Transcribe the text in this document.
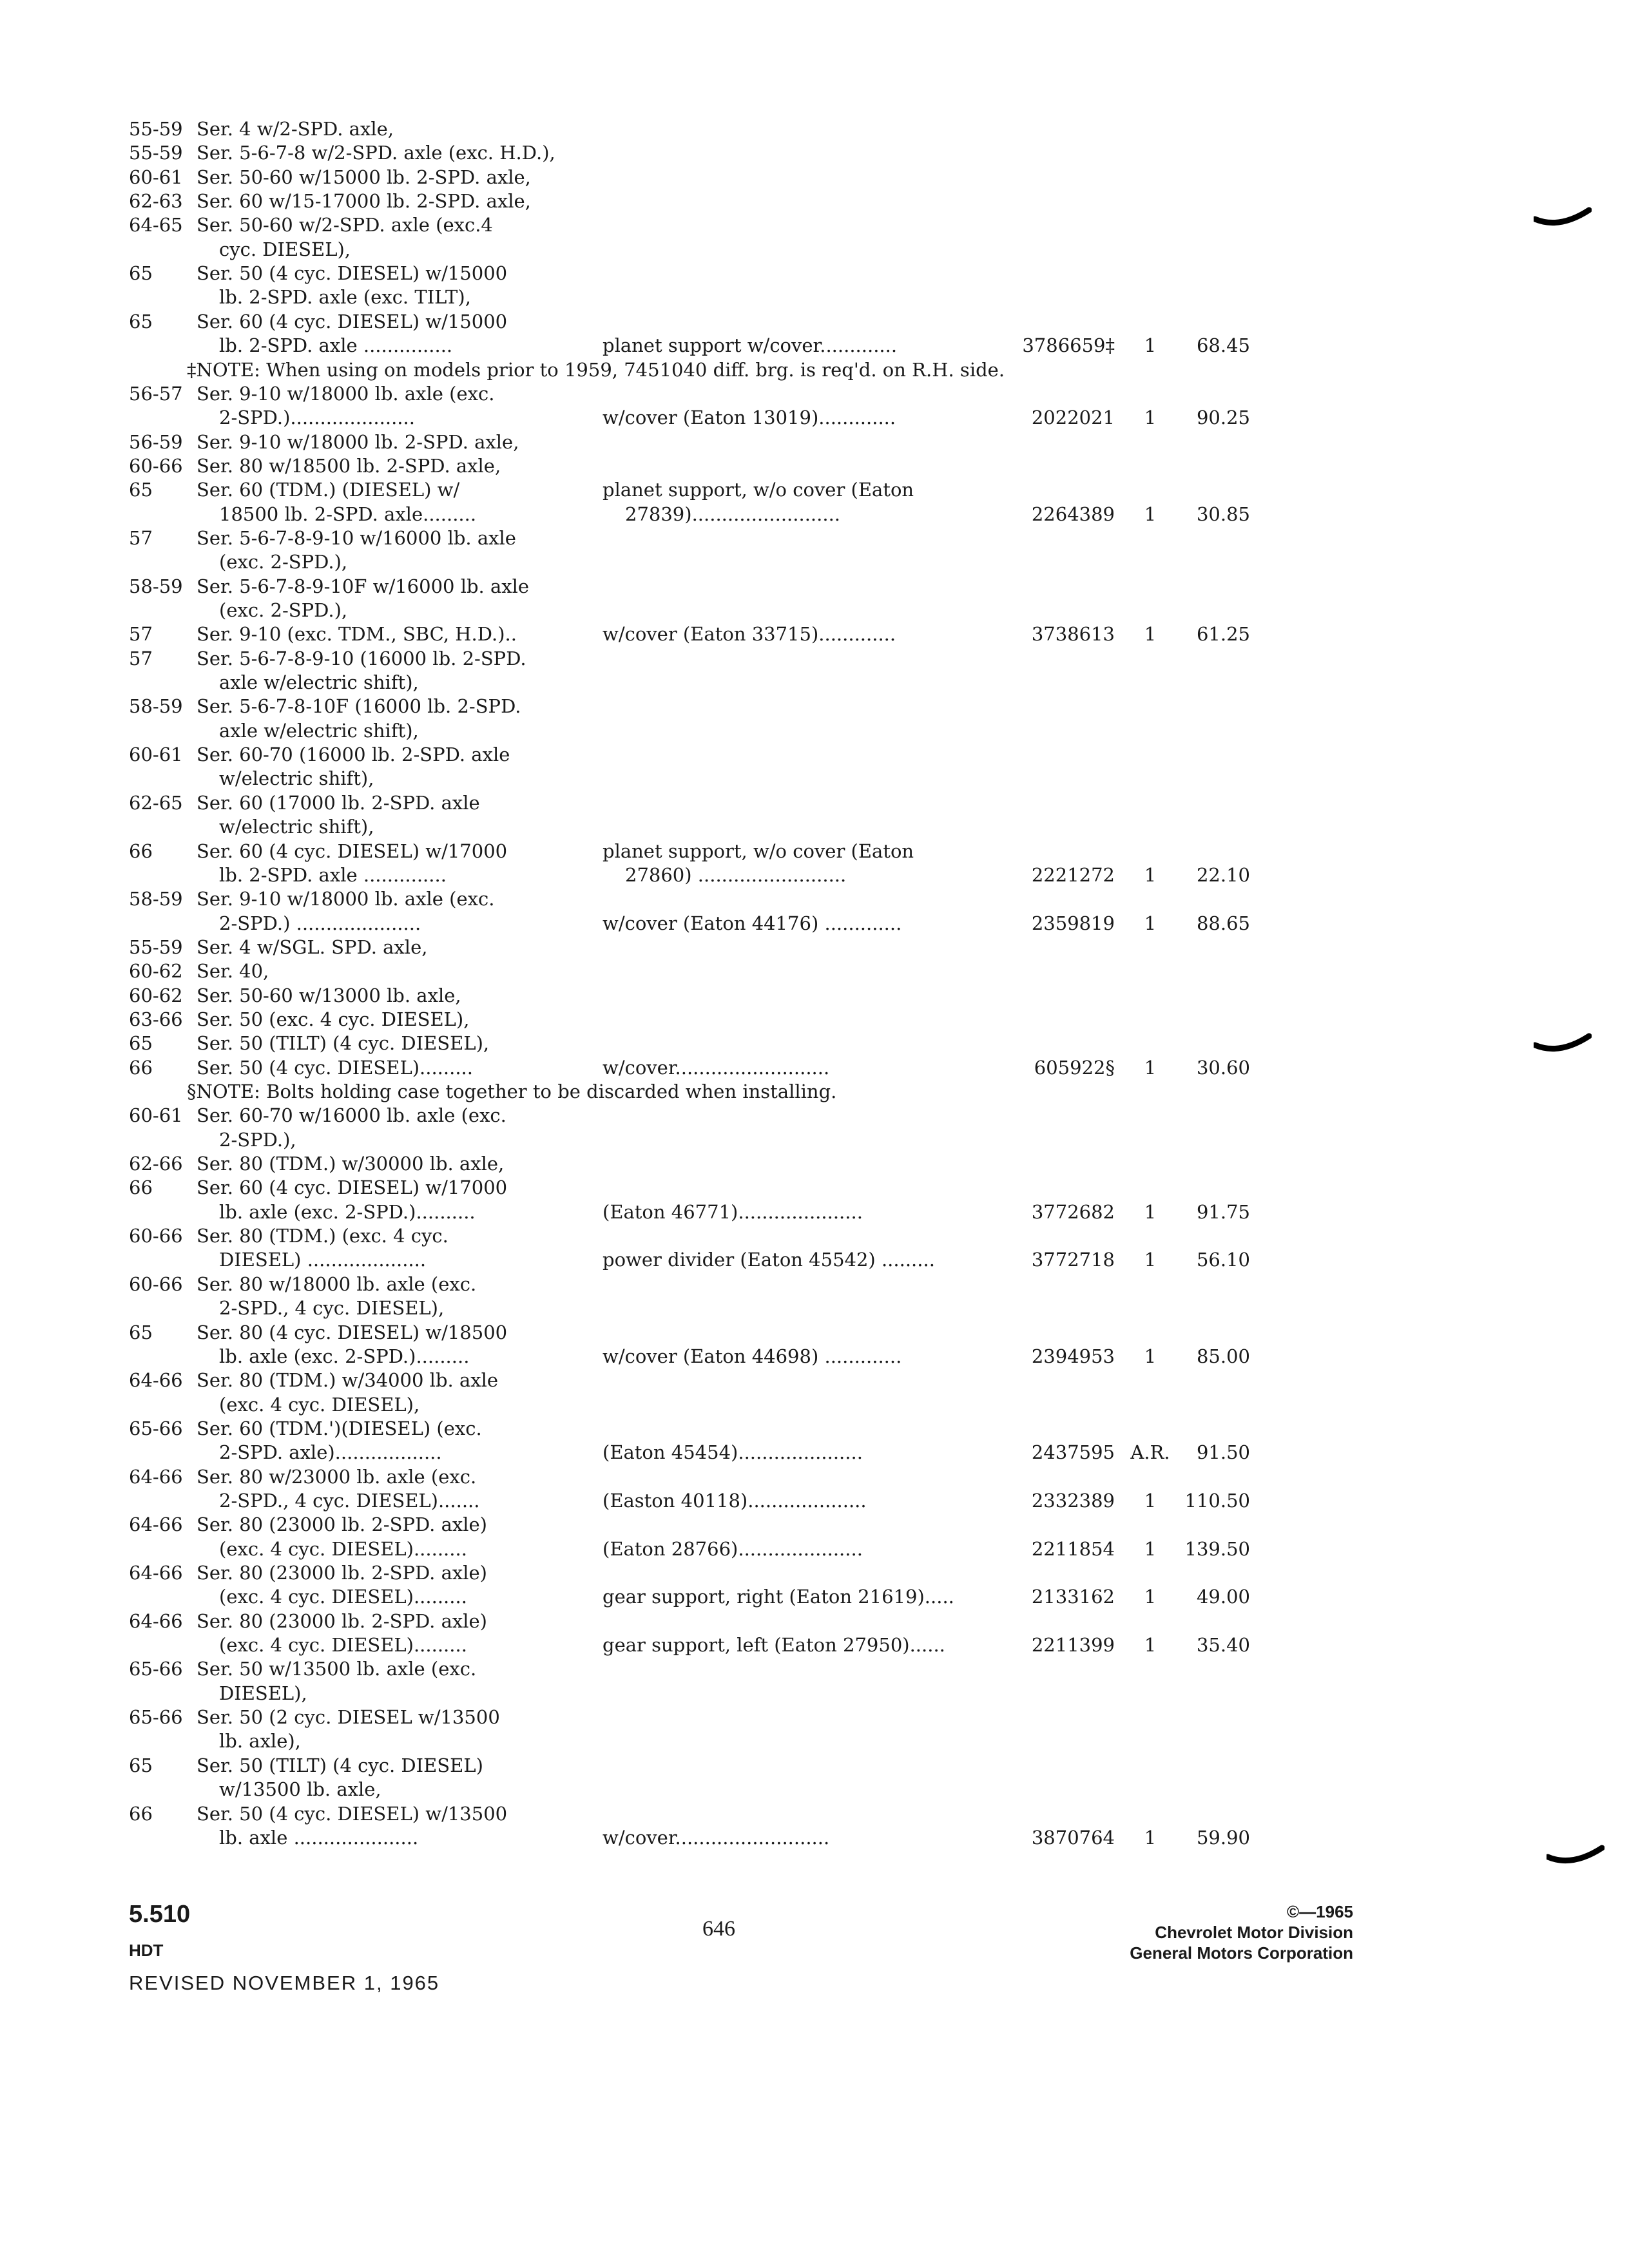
55-59 Ser. 4 w/2-SPD. axle,
55-59 Ser. 5-6-7-8 w/2-SPD. axle (exc. H.D.),
60-61 Ser. 50-60 w/15000 lb. 2-SPD. axle,
62-63 Ser. 60 w/15-17000 lb. 2-SPD. axle,
64-65 Ser. 50-60 w/2-SPD. axle (exc.4
cyc. DIESEL),
65 Ser. 50 (4 cyc. DIESEL) w/15000
lb. 2-SPD. axle (exc. TILT),
65 Ser. 60 (4 cyc. DIESEL) w/15000
lb. 2-SPD. axle ...............	planet support w/cover.............	3786659‡	1	68.45
‡NOTE: When using on models prior to 1959, 7451040 diff. brg. is req'd. on R.H. side.
56-57 Ser. 9-10 w/18000 lb. axle (exc.
2-SPD.).....................	w/cover (Eaton 13019).............	2022021	1	90.25
56-59 Ser. 9-10 w/18000 lb. 2-SPD. axle,
60-66 Ser. 80 w/18500 lb. 2-SPD. axle,
65 Ser. 60 (TDM.) (DIESEL) w/	planet support, w/o cover (Eaton
18500 lb. 2-SPD. axle.........	27839).........................	2264389	1	30.85
57 Ser. 5-6-7-8-9-10 w/16000 lb. axle
(exc. 2-SPD.),
58-59 Ser. 5-6-7-8-9-10F w/16000 lb. axle
(exc. 2-SPD.),
57 Ser. 9-10 (exc. TDM., SBC, H.D.)..	w/cover (Eaton 33715).............	3738613	1	61.25
57 Ser. 5-6-7-8-9-10 (16000 lb. 2-SPD.
axle w/electric shift),
58-59 Ser. 5-6-7-8-10F (16000 lb. 2-SPD.
axle w/electric shift),
60-61 Ser. 60-70 (16000 lb. 2-SPD. axle
w/electric shift),
62-65 Ser. 60 (17000 lb. 2-SPD. axle
w/electric shift),
66 Ser. 60 (4 cyc. DIESEL) w/17000	planet support, w/o cover (Eaton
lb. 2-SPD. axle ..............	27860) .........................	2221272	1	22.10
58-59 Ser. 9-10 w/18000 lb. axle (exc.
2-SPD.) .....................	w/cover (Eaton 44176) .............	2359819	1	88.65
55-59 Ser. 4 w/SGL. SPD. axle,
60-62 Ser. 40,
60-62 Ser. 50-60 w/13000 lb. axle,
63-66 Ser. 50 (exc. 4 cyc. DIESEL),
65 Ser. 50 (TILT) (4 cyc. DIESEL),
66 Ser. 50 (4 cyc. DIESEL).........	w/cover..........................	605922§	1	30.60
§NOTE: Bolts holding case together to be discarded when installing.
60-61 Ser. 60-70 w/16000 lb. axle (exc.
2-SPD.),
62-66 Ser. 80 (TDM.) w/30000 lb. axle,
66 Ser. 60 (4 cyc. DIESEL) w/17000
lb. axle (exc. 2-SPD.)..........	(Eaton 46771).....................	3772682	1	91.75
60-66 Ser. 80 (TDM.) (exc. 4 cyc.
DIESEL) ....................	power divider (Eaton 45542) .........	3772718	1	56.10
60-66 Ser. 80 w/18000 lb. axle (exc.
2-SPD., 4 cyc. DIESEL),
65 Ser. 80 (4 cyc. DIESEL) w/18500
lb. axle (exc. 2-SPD.).........	w/cover (Eaton 44698) .............	2394953	1	85.00
64-66 Ser. 80 (TDM.) w/34000 lb. axle
(exc. 4 cyc. DIESEL),
65-66 Ser. 60 (TDM.')(DIESEL) (exc.
2-SPD. axle)..................	(Eaton 45454).....................	2437595 A.R.	91.50
64-66 Ser. 80 w/23000 lb. axle (exc.
2-SPD., 4 cyc. DIESEL).......	(Easton 40118)....................	2332389	1	110.50
64-66 Ser. 80 (23000 lb. 2-SPD. axle)
(exc. 4 cyc. DIESEL).........	(Eaton 28766).....................	2211854	1	139.50
64-66 Ser. 80 (23000 lb. 2-SPD. axle)
(exc. 4 cyc. DIESEL).........	gear support, right (Eaton 21619).....	2133162	1	49.00
64-66 Ser. 80 (23000 lb. 2-SPD. axle)
(exc. 4 cyc. DIESEL).........	gear support, left (Eaton 27950)......	2211399	1	35.40
65-66 Ser. 50 w/13500 lb. axle (exc.
DIESEL),
65-66 Ser. 50 (2 cyc. DIESEL w/13500
lb. axle),
65 Ser. 50 (TILT) (4 cyc. DIESEL)
w/13500 lb. axle,
66 Ser. 50 (4 cyc. DIESEL) w/13500
lb. axle .....................	w/cover..........................	3870764	1	59.90
5.510
HDT
REVISED NOVEMBER 1, 1965
646
©—1965
Chevrolet Motor Division
General Motors Corporation
